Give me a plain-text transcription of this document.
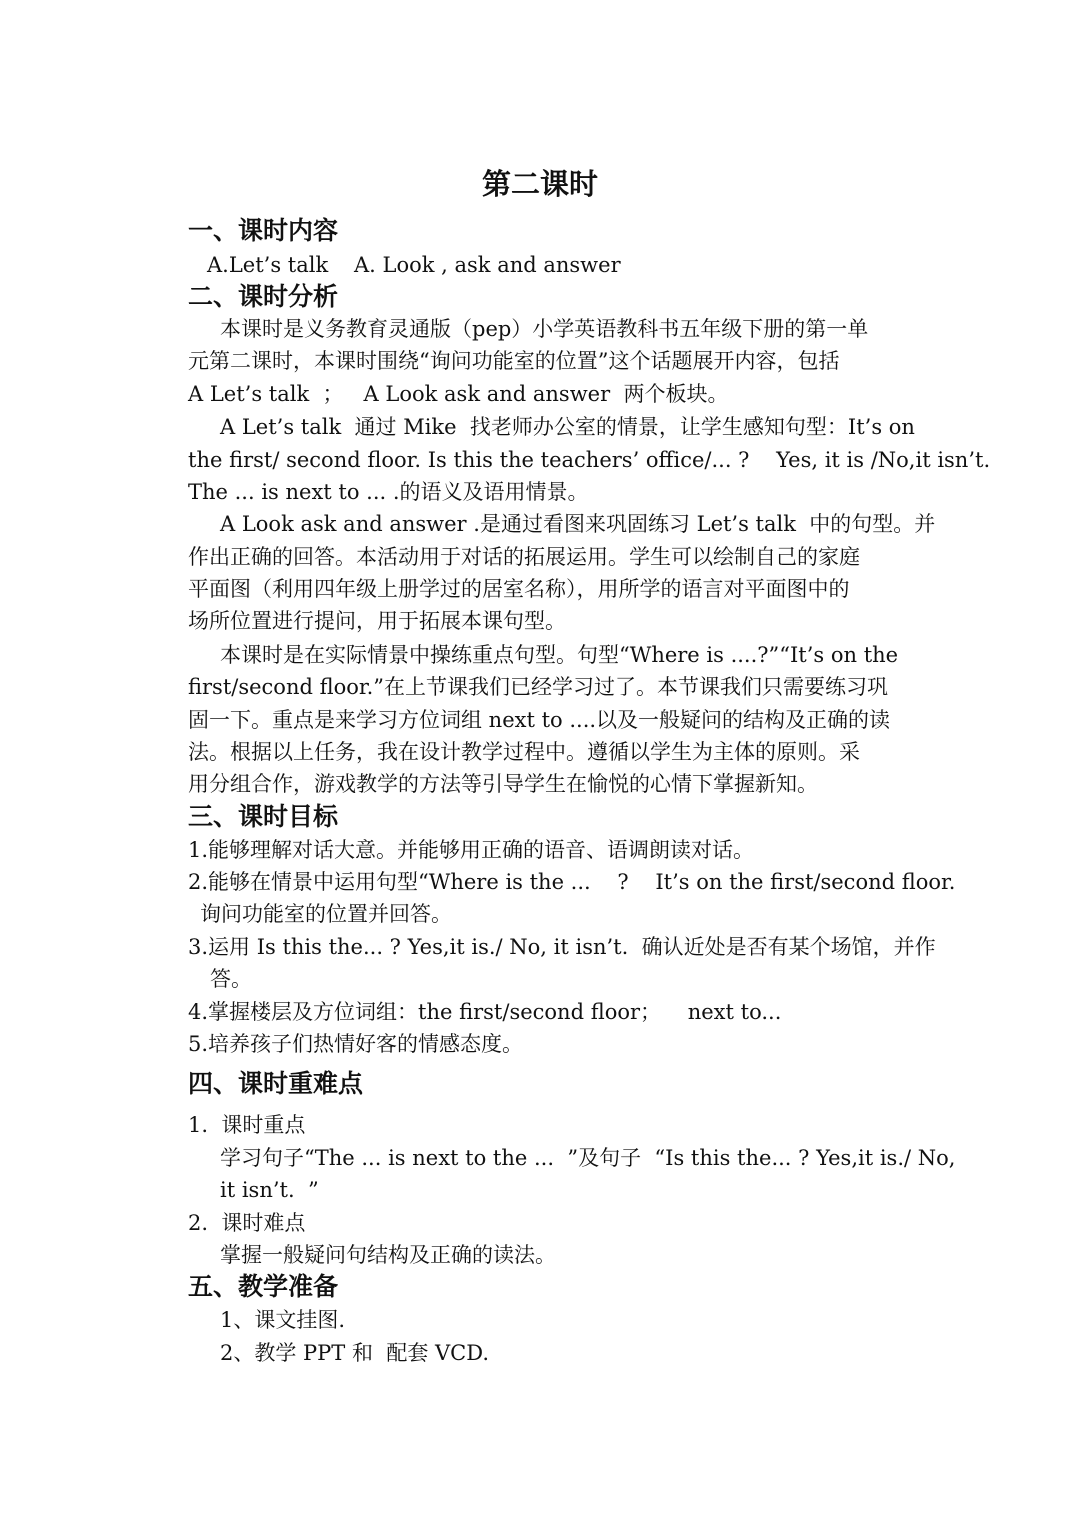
第二课时
一、课时内容
A.Let’s talk A. Look , ask and answer
二、课时分析
本课时是义务教育灵通版（pep）小学英语教科书五年级下册的第一单
元第二课时，本课时围绕“询问功能室的位置”这个话题展开内容，包括
A Let’s talk  ；   A Look ask and answer  两个板块。
A Let’s talk  通过 Mike  找老师办公室的情景，让学生感知句型：It’s on
the first/ second floor. Is this the teachers’ office/... ?    Yes, it is /No,it isn’t.
The ... is next to ... .的语义及语用情景。
A Look ask and answer .是通过看图来巩固练习 Let’s talk  中的句型。并
作出正确的回答。本活动用于对话的拓展运用。学生可以绘制自己的家庭
平面图（利用四年级上册学过的居室名称），用所学的语言对平面图中的
场所位置进行提问，用于拓展本课句型。
本课时是在实际情景中操练重点句型。句型“Where is ....?”“It’s on the
first/second floor.”在上节课我们已经学习过了。本节课我们只需要练习巩
固一下。重点是来学习方位词组 next to ....以及一般疑问的结构及正确的读
法。根据以上任务，我在设计教学过程中。遵循以学生为主体的原则。采
用分组合作，游戏教学的方法等引导学生在愉悦的心情下掌握新知。
三、课时目标
1.能够理解对话大意。并能够用正确的语音、语调朗读对话。
2.能够在情景中运用句型“Where is the ...    ?    It’s on the first/second floor.
询问功能室的位置并回答。
3.运用 Is this the... ? Yes,it is./ No, it isn’t.  确认近处是否有某个场馆，并作
答。
4.掌握楼层及方位词组：the first/second floor；    next to...
5.培养孩子们热情好客的情感态度。
四、课时重难点
1.  课时重点
学习句子“The ... is next to the ...  ”及句子  “Is this the... ? Yes,it is./ No,
it isn’t.  ”
2.  课时难点
掌握一般疑问句结构及正确的读法。
五、教学准备
1、课文挂图.
2、教学 PPT 和  配套 VCD.
